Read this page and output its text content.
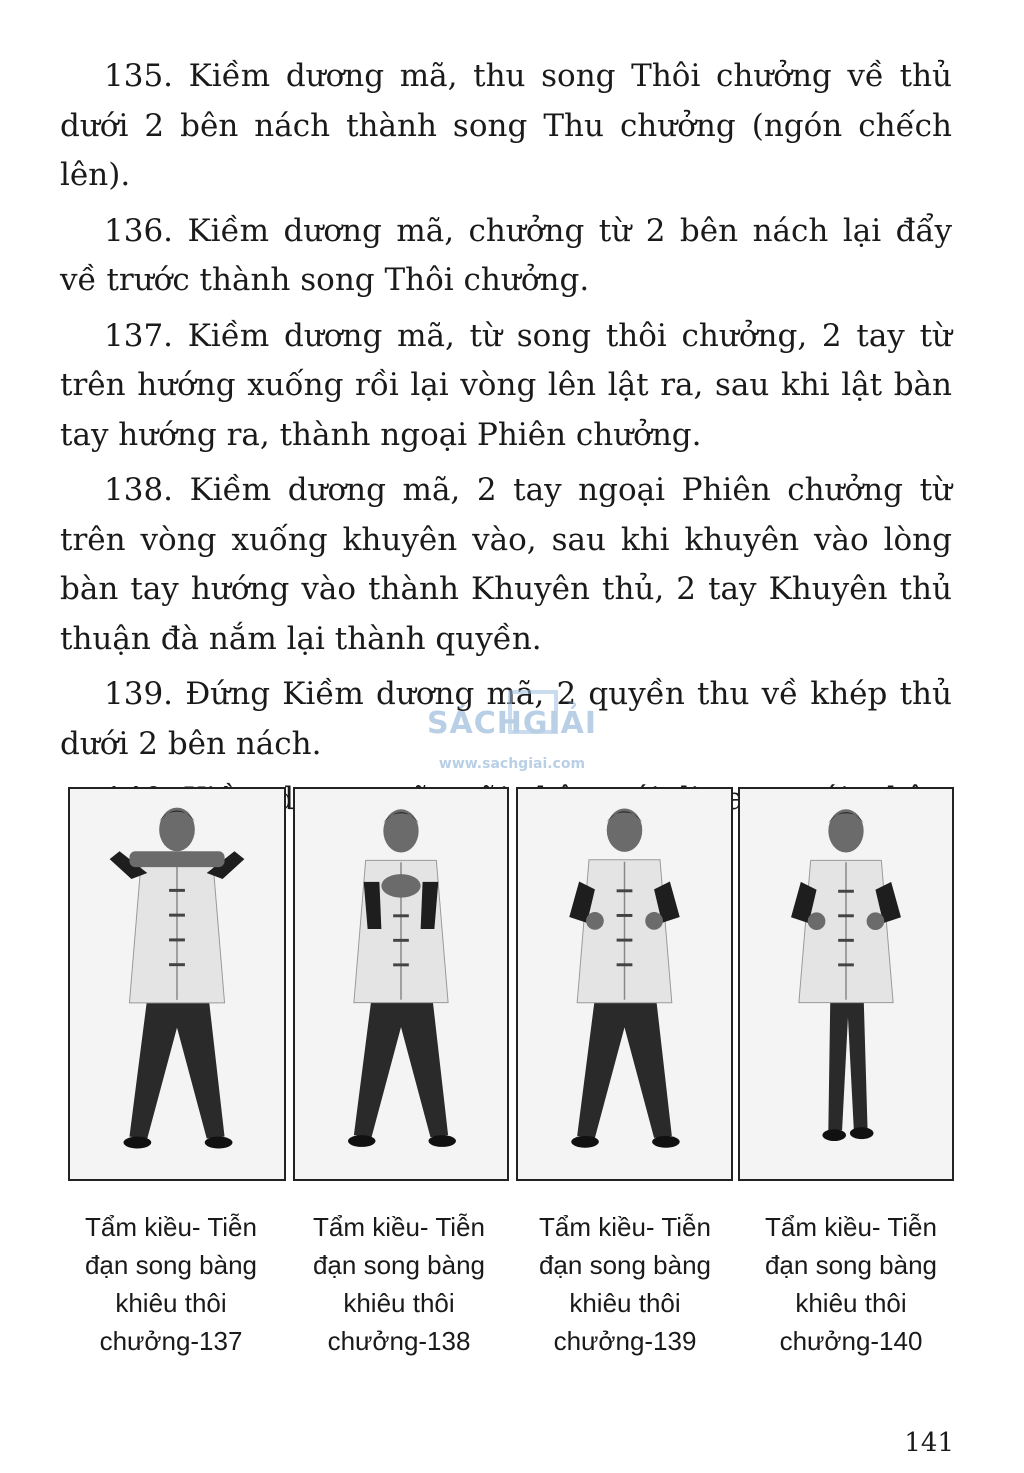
135. Kiềm dương mã, thu song Thôi chưởng về thủ dưới 2 bên nách thành song Thu chưởng (ngón chếch lên).

136. Kiềm dương mã, chưởng từ 2 bên nách lại đẩy về trước thành song Thôi chưởng.

137. Kiềm dương mã, từ song thôi chưởng, 2 tay từ trên hướng xuống rồi lại vòng lên lật ra, sau khi lật bàn tay hướng ra, thành ngoại Phiên chưởng.

138. Kiềm dương mã, 2 tay ngoại Phiên chưởng từ trên vòng xuống khuyên vào, sau khi khuyên vào lòng bàn tay hướng vào thành Khuyên thủ, 2 tay Khuyên thủ thuận đà nắm lại thành quyền.

139. Đứng Kiềm dương mã, 2 quyền thu về khép thủ dưới 2 bên nách.

SÁCHGIẢI
www.sachgiai.com
Tẩm kiều- Tiễn đạn song bàng khiêu thôi chưởng-137
Tẩm kiều- Tiễn đạn song bàng khiêu thôi chưởng-138
Tẩm kiều- Tiễn đạn song bàng khiêu thôi chưởng-139
Tẩm kiều- Tiễn đạn song bàng khiêu thôi chưởng-140
141
